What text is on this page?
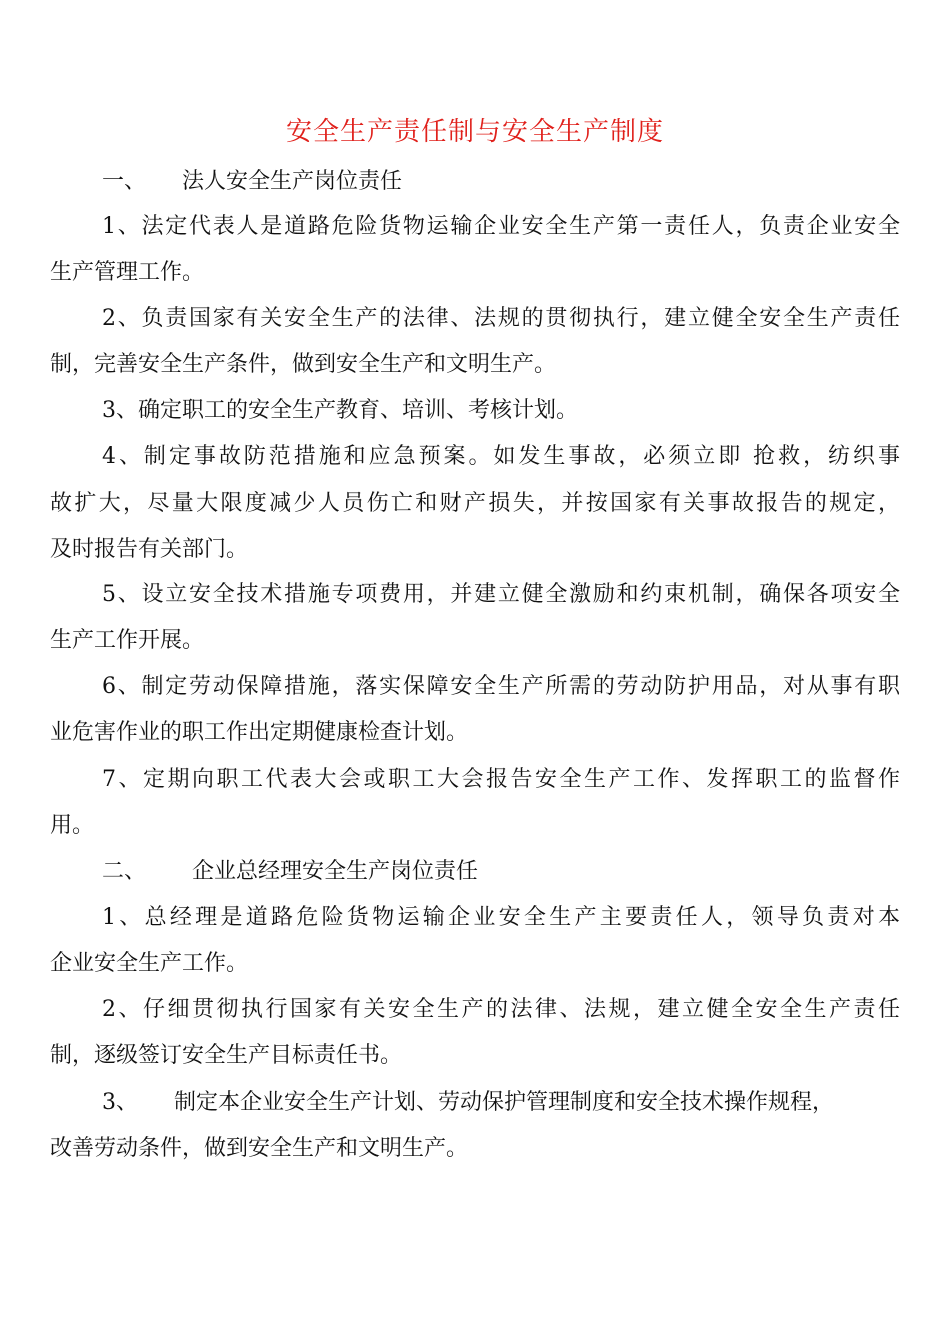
安全生产责任制与安全生产制度
一、 法人安全生产岗位责任
1、法定代表人是道路危险货物运输企业安全生产第一责任人，负责企业安全
生产管理工作。
2、负责国家有关安全生产的法律、法规的贯彻执行，建立健全安全生产责任
制，完善安全生产条件，做到安全生产和文明生产。
3、确定职工的安全生产教育、培训、考核计划。
4、制定事故防范措施和应急预案。如发生事故，必须立即 抢救，纺织事
故扩大，尽量大限度减少人员伤亡和财产损失，并按国家有关事故报告的规定，
及时报告有关部门。
5、设立安全技术措施专项费用，并建立健全激励和约束机制，确保各项安全
生产工作开展。
6、制定劳动保障措施，落实保障安全生产所需的劳动防护用品，对从事有职
业危害作业的职工作出定期健康检查计划。
7、定期向职工代表大会或职工大会报告安全生产工作、发挥职工的监督作
用。
二、 企业总经理安全生产岗位责任
1、总经理是道路危险货物运输企业安全生产主要责任人，领导负责对本
企业安全生产工作。
2、仔细贯彻执行国家有关安全生产的法律、法规，建立健全安全生产责任
制，逐级签订安全生产目标责任书。
3、 制定本企业安全生产计划、劳动保护管理制度和安全技术操作规程，
改善劳动条件，做到安全生产和文明生产。
